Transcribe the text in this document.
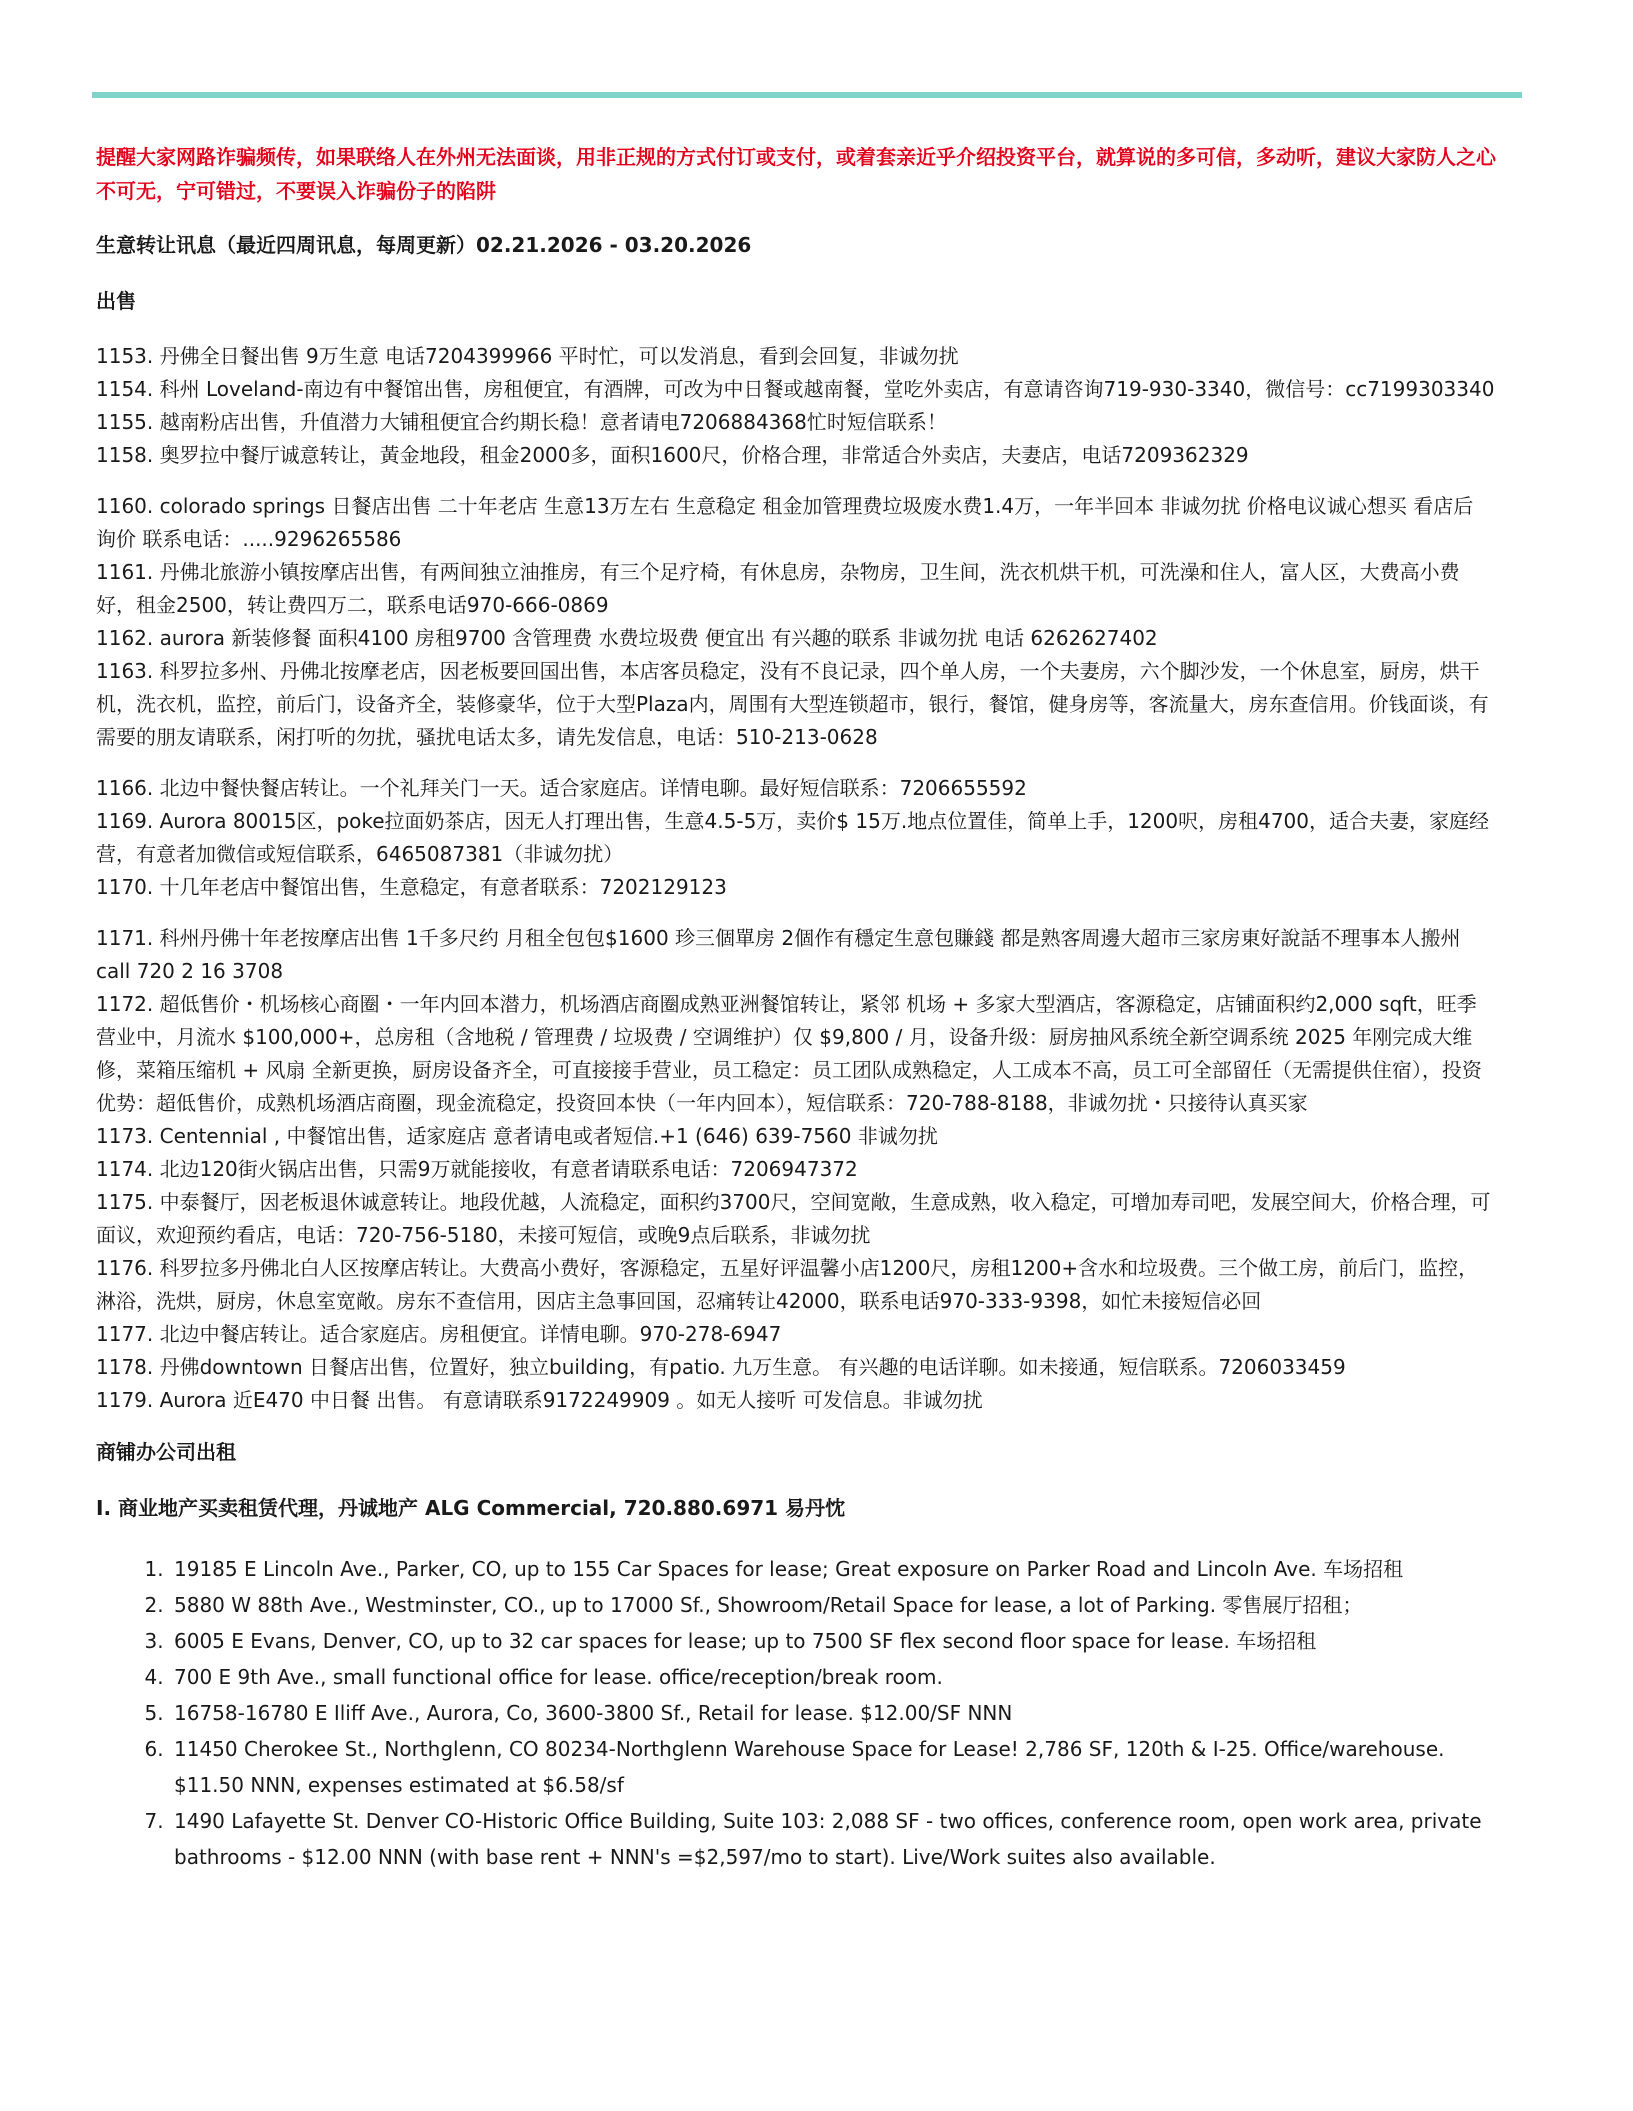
提醒大家网路诈骗频传，如果联络人在外州无法面谈，用非正规的方式付订或支付，或着套亲近乎介绍投资平台，就算说的多可信，多动听，建议大家防人之心不可无，宁可错过，不要误入诈骗份子的陷阱

生意转让讯息（最近四周讯息，每周更新）02.21.2026 - 03.20.2026

出售

1153. 丹佛全日餐出售 9万生意 电话7204399966 平时忙，可以发消息，看到会回复，非诚勿扰

1154. 科州 Loveland-南边有中餐馆出售，房租便宜，有酒牌，可改为中日餐或越南餐，堂吃外卖店，有意请咨询719-930-3340，微信号：cc7199303340

1155. 越南粉店出售，升值潜力大铺租便宜合约期长稳！意者请电7206884368忙时短信联系！

1158. 奥罗拉中餐厅诚意转让，黃金地段，租金2000多，面积1600尺，价格合理，非常适合外卖店，夫妻店，电话7209362329

1160. colorado springs 日餐店出售 二十年老店 生意13万左右 生意稳定 租金加管理费垃圾废水费1.4万，一年半回本 非诚勿扰 价格电议诚心想买 看店后 询价 联系电话：.....9296265586

1161. 丹佛北旅游小镇按摩店出售，有两间独立油推房，有三个足疗椅，有休息房，杂物房，卫生间，洗衣机烘干机，可洗澡和住人，富人区，大费高小费好，租金2500，转让费四万二，联系电话970-666-0869

1162. aurora 新装修餐 面积4100 房租9700 含管理费 水费垃圾费 便宜出 有兴趣的联系 非诚勿扰 电话 6262627402

1163. 科罗拉多州、丹佛北按摩老店，因老板要回国出售，本店客员稳定，没有不良记录，四个单人房，一个夫妻房，六个脚沙发，一个休息室，厨房，烘干机，洗衣机，监控，前后门，设备齐全，装修豪华，位于大型Plaza内，周围有大型连锁超市，银行，餐馆，健身房等，客流量大，房东查信用。价钱面谈，有需要的朋友请联系，闲打听的勿扰，骚扰电话太多，请先发信息，电话：510-213-0628

1166. 北边中餐快餐店转让。一个礼拜关门一天。适合家庭店。详情电聊。最好短信联系：7206655592

1169. Aurora 80015区，poke拉面奶茶店，因无人打理出售，生意4.5-5万，卖价$ 15万.地点位置佳，简单上手，1200呎，房租4700，适合夫妻，家庭经营，有意者加微信或短信联系，6465087381（非诚勿扰）

1170. 十几年老店中餐馆出售，生意稳定，有意者联系：7202129123

1171. 科州丹佛十年老按摩店出售 1千多尺约 月租全包包$1600 珍三個單房 2個作有穩定生意包賺錢 都是熟客周邊大超市三家房東好說話不理事本人搬州 call 720 2 16 3708

1172. 超低售价・机场核心商圈・一年内回本潜力，机场酒店商圈成熟亚洲餐馆转让，紧邻 机场 + 多家大型酒店，客源稳定，店铺面积约2,000 sqft，旺季营业中，月流水 $100,000+，总房租（含地税 / 管理费 / 垃圾费 / 空调维护）仅 $9,800 / 月，设备升级：厨房抽风系统全新空调系统 2025 年刚完成大维修，菜箱压缩机 + 风扇 全新更换，厨房设备齐全，可直接接手营业，员工稳定：员工团队成熟稳定，人工成本不高，员工可全部留任（无需提供住宿），投资优势：超低售价，成熟机场酒店商圈，现金流稳定，投资回本快（一年内回本），短信联系：720-788-8188，非诚勿扰・只接待认真买家

1173. Centennial , 中餐馆出售，适家庭店 意者请电或者短信.+1 (646) 639-7560 非诚勿扰

1174. 北边120街火锅店出售，只需9万就能接收，有意者请联系电话：7206947372

1175. 中泰餐厅，因老板退休诚意转让。地段优越，人流稳定，面积约3700尺，空间宽敞，生意成熟，收入稳定，可增加寿司吧，发展空间大，价格合理，可面议，欢迎预约看店，电话：720-756-5180，未接可短信，或晚9点后联系，非诚勿扰

1176. 科罗拉多丹佛北白人区按摩店转让。大费高小费好，客源稳定，五星好评温馨小店1200尺，房租1200+含水和垃圾费。三个做工房，前后门，监控，淋浴，洗烘，厨房，休息室宽敞。房东不查信用，因店主急事回国，忍痛转让42000，联系电话970-333-9398，如忙未接短信必回

1177. 北边中餐店转让。适合家庭店。房租便宜。详情电聊。970-278-6947

1178. 丹佛downtown 日餐店出售，位置好，独立building，有patio. 九万生意。 有兴趣的电话详聊。如未接通，短信联系。7206033459

1179. Aurora 近E470 中日餐 出售。 有意请联系9172249909 。如无人接听 可发信息。非诚勿扰

商铺办公司出租

I. 商业地产买卖租赁代理，丹诚地产 ALG Commercial, 720.880.6971 易丹忱

1. 19185 E Lincoln Ave., Parker, CO, up to 155 Car Spaces for lease; Great exposure on Parker Road and Lincoln Ave. 车场招租
2. 5880 W 88th Ave., Westminster, CO., up to 17000 Sf., Showroom/Retail Space for lease, a lot of Parking. 零售展厅招租；
3. 6005 E Evans, Denver, CO, up to 32 car spaces for lease; up to 7500 SF flex second floor space for lease. 车场招租
4. 700 E 9th Ave., small functional office for lease. office/reception/break room.
5. 16758-16780 E Iliff Ave., Aurora, Co, 3600-3800 Sf., Retail for lease. $12.00/SF NNN
6. 11450 Cherokee St., Northglenn, CO 80234-Northglenn Warehouse Space for Lease! 2,786 SF, 120th & I-25. Office/warehouse. $11.50 NNN, expenses estimated at $6.58/sf
7. 1490 Lafayette St. Denver CO-Historic Office Building, Suite 103: 2,088 SF - two offices, conference room, open work area, private bathrooms - $12.00 NNN (with base rent + NNN's =$2,597/mo to start). Live/Work suites also available.
